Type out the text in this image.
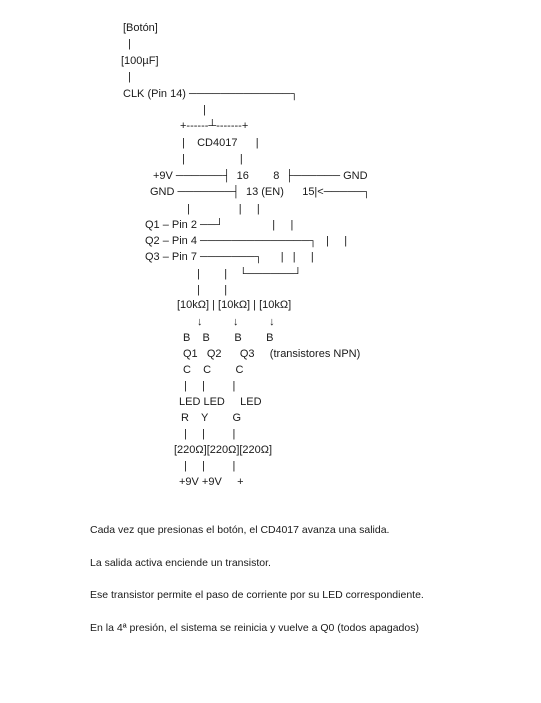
[Botón]
|
[100µF]
|
CLK (Pin 14) ─────────────┐
|
+------┴-------+
|    CD4017      |
|                  |
+9V ──────┤  16        8  ├────── GND
GND ───────┤  13 (EN)      15|<─────┐
|                |     |
Q1 – Pin 2 ──┘                |     |
Q2 – Pin 4 ──────────────┐   |     |
Q3 – Pin 7 ───────┐      |   |     |
|        |    └──────┘
|        |
[10kΩ] | [10kΩ] | [10kΩ]
↓          ↓          ↓
B    B        B        B
Q1   Q2      Q3     (transistores NPN)
C    C        C
|     |         |
LED LED     LED
R    Y        G
|     |         |
[220Ω][220Ω][220Ω]
|     |         |
+9V +9V     +
Cada vez que presionas el botón, el CD4017 avanza una salida.
La salida activa enciende un transistor.
Ese transistor permite el paso de corriente por su LED correspondiente.
En la 4ª presión, el sistema se reinicia y vuelve a Q0 (todos apagados)
